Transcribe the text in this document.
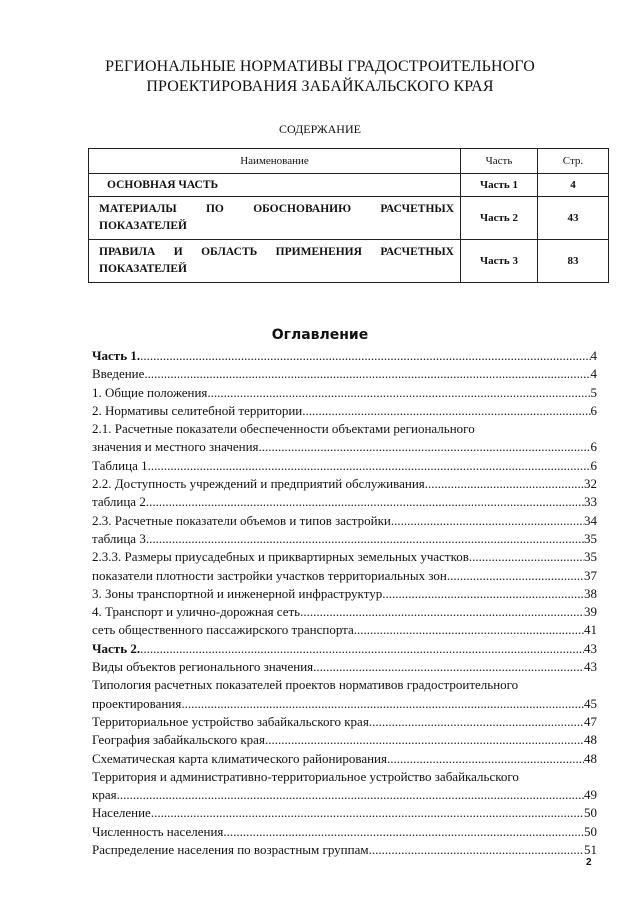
РЕГИОНАЛЬНЫЕ НОРМАТИВЫ ГРАДОСТРОИТЕЛЬНОГО
ПРОЕКТИРОВАНИЯ ЗАБАЙКАЛЬСКОГО КРАЯ
СОДЕРЖАНИЕ
Наименование	Часть	Стр.
ОСНОВНАЯ ЧАСТЬ	Часть 1	4
МАТЕРИАЛЫ ПО ОБОСНОВАНИЮ РАСЧЕТНЫХ ПОКАЗАТЕЛЕЙ	Часть 2	43
ПРАВИЛА И ОБЛАСТЬ ПРИМЕНЕНИЯ РАСЧЕТНЫХ ПОКАЗАТЕЛЕЙ	Часть 3	83
Оглавление
Часть 1 . .....	4
Введение . .....	4
1. Общие положения . .....	5
2. Нормативы селитебной территории . .....	6
2.1. Расчетные показатели обеспеченности объектами регионального
значения и местного значения . .....	6
Таблица 1 .....	6
2.2. Доступность учреждений и предприятий обслуживания . .....	32
таблица 2 .....	33
2.3. Расчетные показатели объемов и типов застройки . .....	34
таблица 3 .....	35
2.3.3. Размеры приусадебных и приквартирных земельных участков . .....	35
показатели плотности застройки участков территориальных зон . .....	37
3. Зоны транспортной и инженерной инфраструктур . .....	38
4. Транспорт и улично-дорожная сеть . .....	39
сеть общественного пассажирского транспорта . .....	41
Часть 2 . .....	43
Виды объектов регионального значения . .....	43
Типология расчетных показателей проектов нормативов градостроительного
проектирования . .....	45
Территориальное устройство забайкальского края . .....	47
География забайкальского края . .....	48
Схематическая карта климатического районирования . .....	48
Территория и административно-территориальное устройство забайкальского
края . .....	49
Население . .....	50
Численность населения . .....	50
Распределение населения по возрастным группам . .....	51
2
